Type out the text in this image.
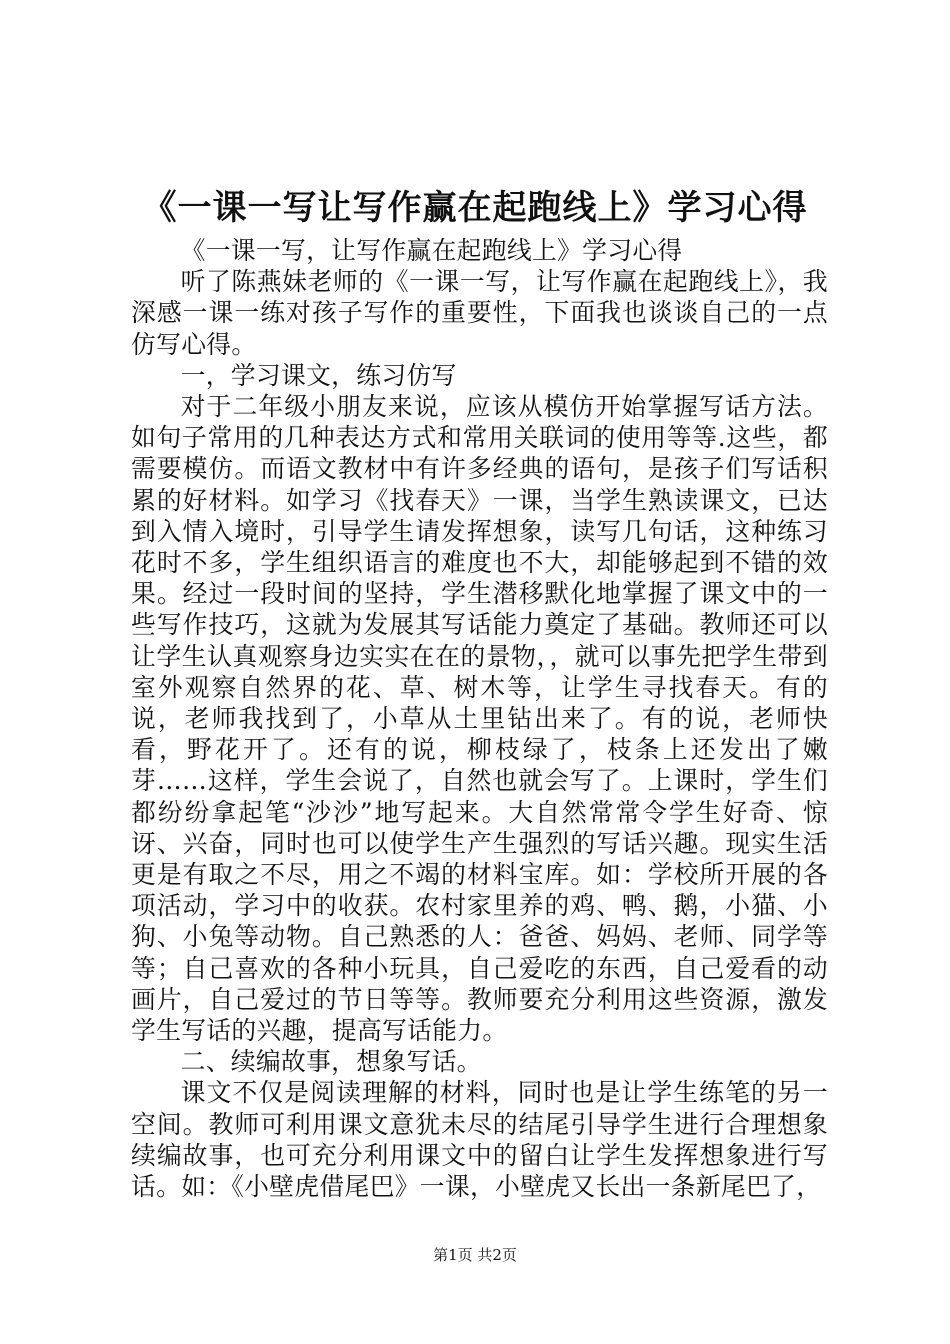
《一课一写让写作赢在起跑线上》学习心得

《一课一写，让写作赢在起跑线上》学习心得

听了陈燕妹老师的《一课一写，让写作赢在起跑线上》，我深感一课一练对孩子写作的重要性，下面我也谈谈自己的一点仿写心得。

一，学习课文，练习仿写

对于二年级小朋友来说，应该从模仿开始掌握写话方法。如句子常用的几种表达方式和常用关联词的使用等等.这些，都需要模仿。而语文教材中有许多经典的语句，是孩子们写话积累的好材料。如学习《找春天》一课，当学生熟读课文，已达到入情入境时，引导学生请发挥想象，读写几句话，这种练习花时不多，学生组织语言的难度也不大，却能够起到不错的效果。经过一段时间的坚持，学生潜移默化地掌握了课文中的一些写作技巧，这就为发展其写话能力奠定了基础。教师还可以让学生认真观察身边实实在在的景物，，就可以事先把学生带到室外观察自然界的花、草、树木等，让学生寻找春天。有的说，老师我找到了，小草从土里钻出来了。有的说，老师快看，野花开了。还有的说，柳枝绿了，枝条上还发出了嫩芽……这样，学生会说了，自然也就会写了。上课时，学生们都纷纷拿起笔“沙沙”地写起来。大自然常常令学生好奇、惊讶、兴奋，同时也可以使学生产生强烈的写话兴趣。现实生活更是有取之不尽，用之不竭的材料宝库。如：学校所开展的各项活动，学习中的收获。农村家里养的鸡、鸭、鹅，小猫、小狗、小兔等动物。自己熟悉的人：爸爸、妈妈、老师、同学等等；自己喜欢的各种小玩具，自己爱吃的东西，自己爱看的动画片，自己爱过的节日等等。教师要充分利用这些资源，激发学生写话的兴趣，提高写话能力。

二、续编故事，想象写话。

课文不仅是阅读理解的材料，同时也是让学生练笔的另一空间。教师可利用课文意犹未尽的结尾引导学生进行合理想象续编故事，也可充分利用课文中的留白让学生发挥想象进行写话。如：《小壁虎借尾巴》一课，小壁虎又长出一条新尾巴了，

第1页 共2页
